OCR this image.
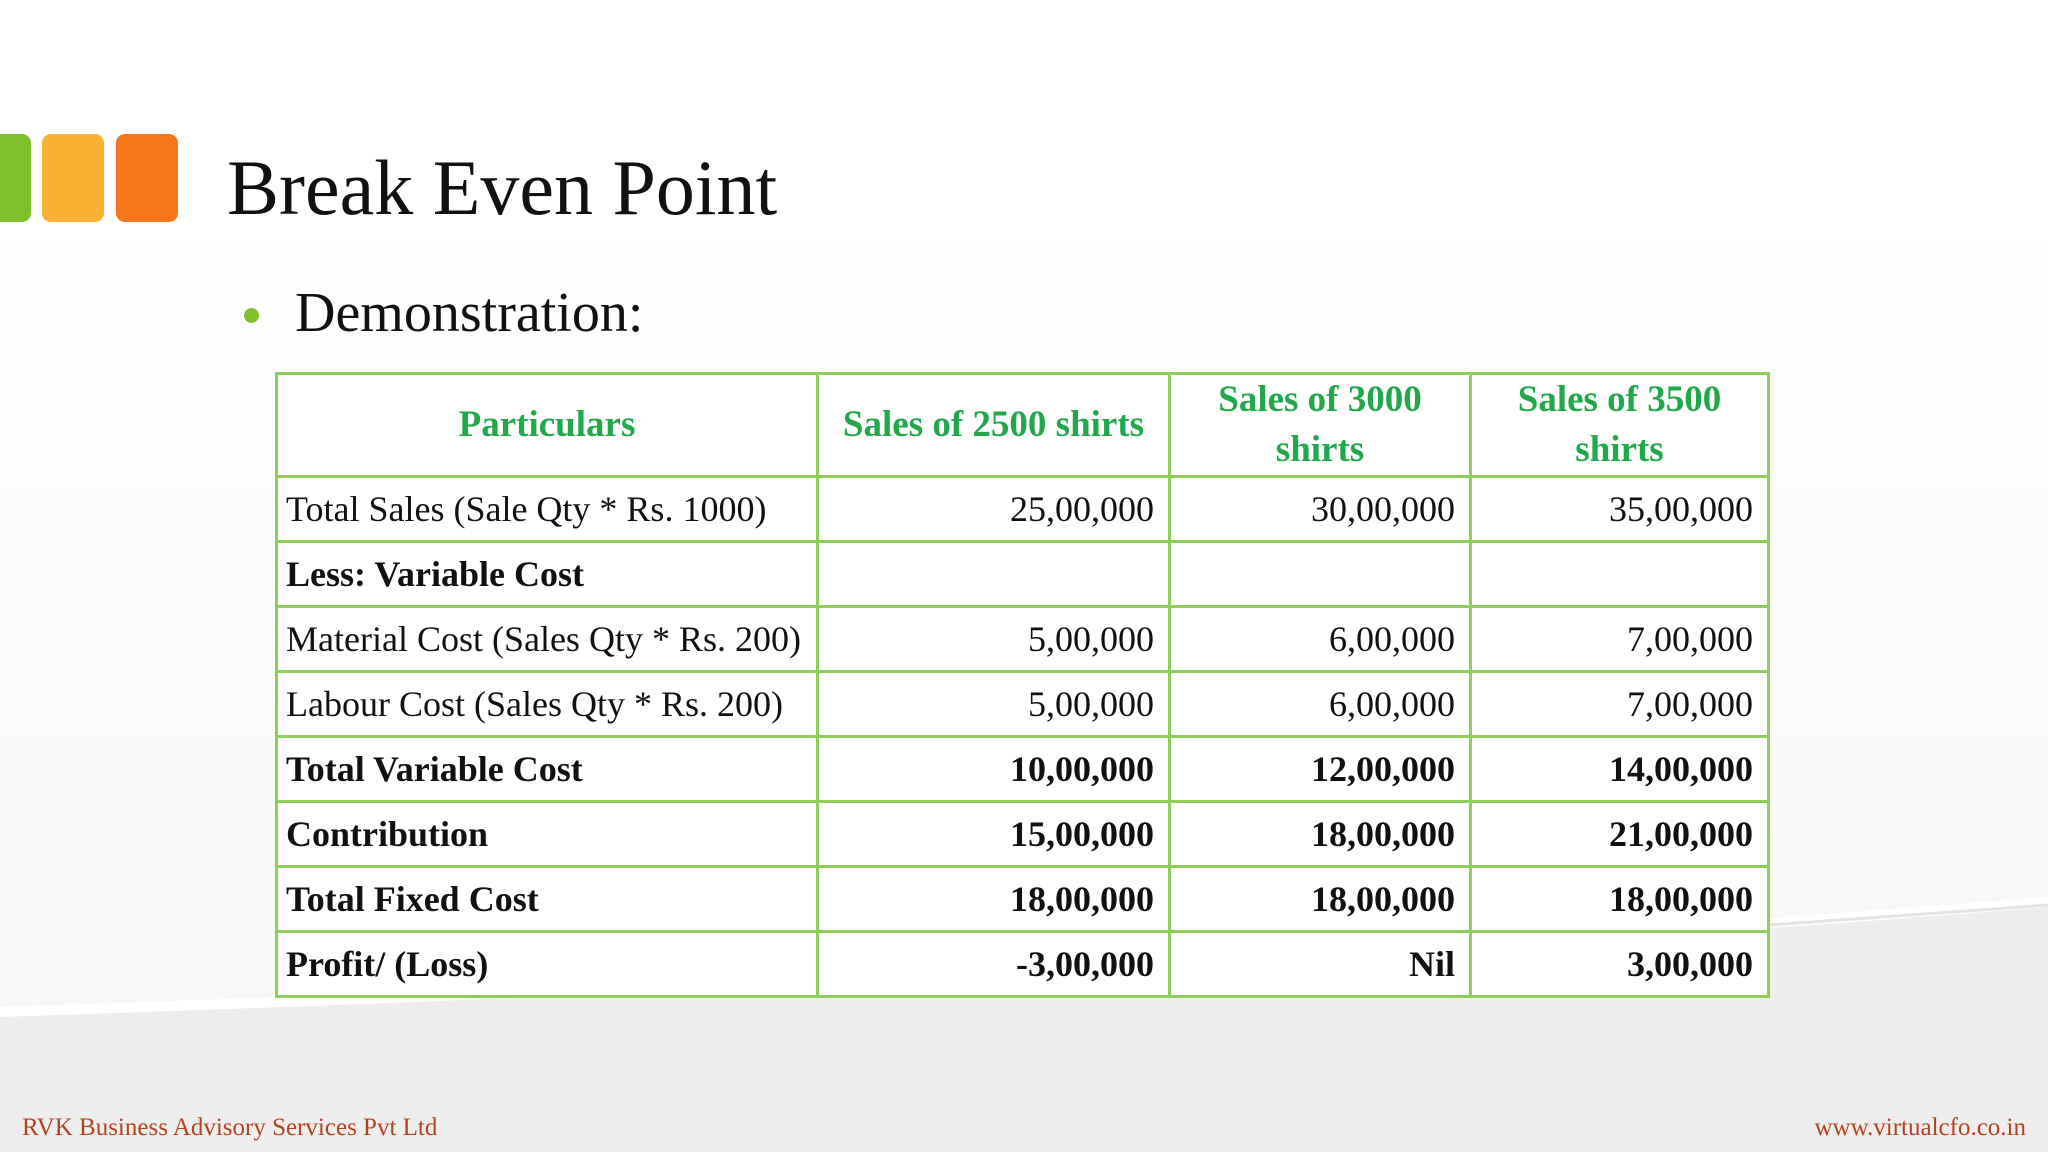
Break Even Point
Demonstration:
Particulars	Sales of 2500 shirts	Sales of 3000 shirts	Sales of 3500 shirts
Total Sales (Sale Qty * Rs. 1000)	25,00,000	30,00,000	35,00,000
Less: Variable Cost			
Material Cost (Sales Qty * Rs. 200)	5,00,000	6,00,000	7,00,000
Labour Cost (Sales Qty * Rs. 200)	5,00,000	6,00,000	7,00,000
Total Variable Cost	10,00,000	12,00,000	14,00,000
Contribution	15,00,000	18,00,000	21,00,000
Total Fixed Cost	18,00,000	18,00,000	18,00,000
Profit/ (Loss)	-3,00,000	Nil	3,00,000
RVK Business Advisory Services Pvt Ltd	www.virtualcfo.co.in
